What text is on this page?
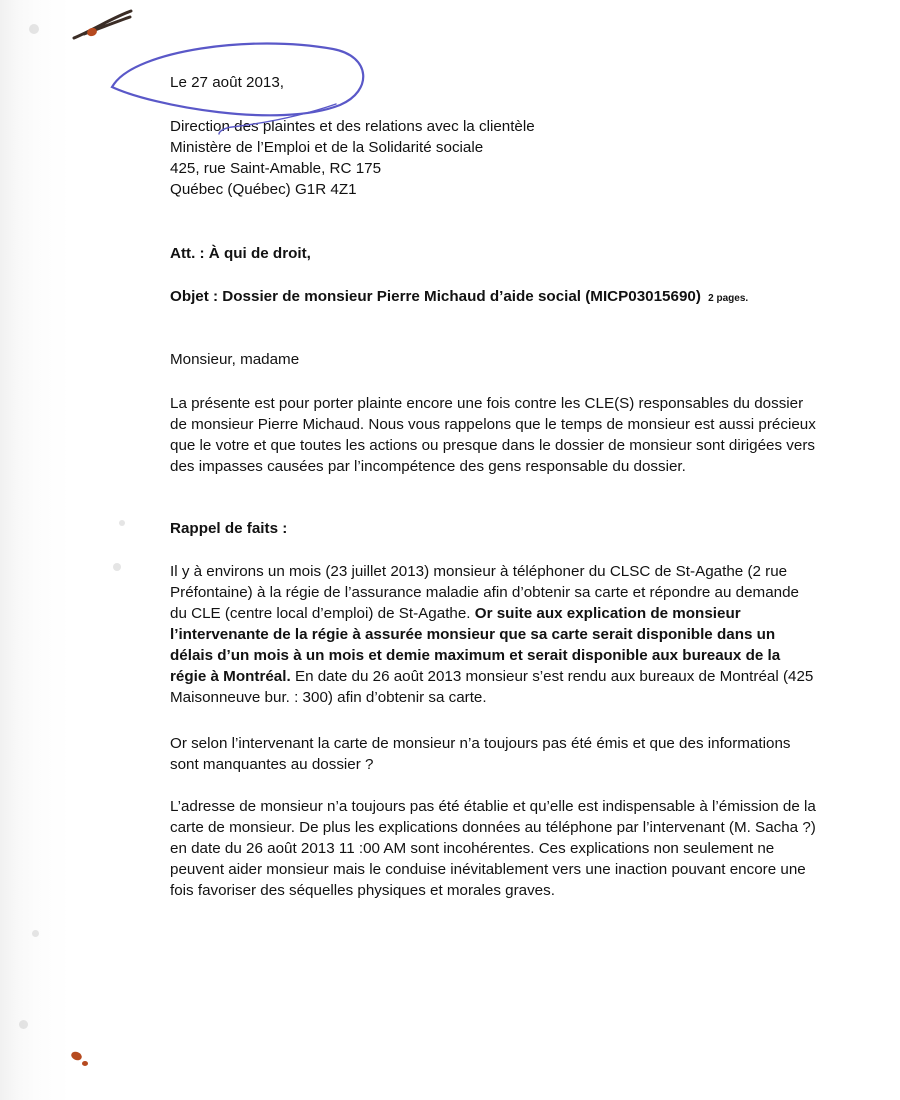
Le 27 août 2013,
Direction des plaintes et des relations avec la clientèle
Ministère de l’Emploi et de la Solidarité sociale
425, rue Saint-Amable, RC 175
Québec (Québec) G1R 4Z1
Att. : À qui de droit,
Objet : Dossier de monsieur Pierre Michaud d’aide social (MICP03015690) 2 pages.
Monsieur, madame
La présente est pour porter plainte encore une fois contre les CLE(S) responsables du dossier de monsieur Pierre Michaud. Nous vous rappelons que le temps de monsieur est aussi précieux que le votre et que toutes les actions ou presque dans le dossier de monsieur sont dirigées vers des impasses causées par l’incompétence des gens responsable du dossier.
Rappel de faits :
Il y à environs un mois (23 juillet 2013) monsieur à téléphoner du CLSC de St-Agathe (2 rue Préfontaine) à la régie de l’assurance maladie afin d’obtenir sa carte et répondre au demande du CLE (centre local d’emploi) de St-Agathe. Or suite aux explication de monsieur l’intervenante de la régie à assurée monsieur que sa carte serait disponible dans un délais d’un mois à un mois et demie maximum et serait disponible aux bureaux de la régie à Montréal. En date du 26 août 2013 monsieur s’est rendu aux bureaux de Montréal (425 Maisonneuve bur. : 300) afin d’obtenir sa carte.
Or selon l’intervenant la carte de monsieur n’a toujours pas été émis et que des informations sont manquantes au dossier ?
L’adresse de monsieur n’a toujours pas été établie et qu’elle est indispensable à l’émission de la carte de monsieur. De plus les explications données au téléphone par l’intervenant (M. Sacha ?) en date du 26 août 2013 11 :00 AM sont incohérentes. Ces explications non seulement ne peuvent aider monsieur mais le conduise inévitablement vers une inaction pouvant encore une fois favoriser des séquelles physiques et morales graves.
